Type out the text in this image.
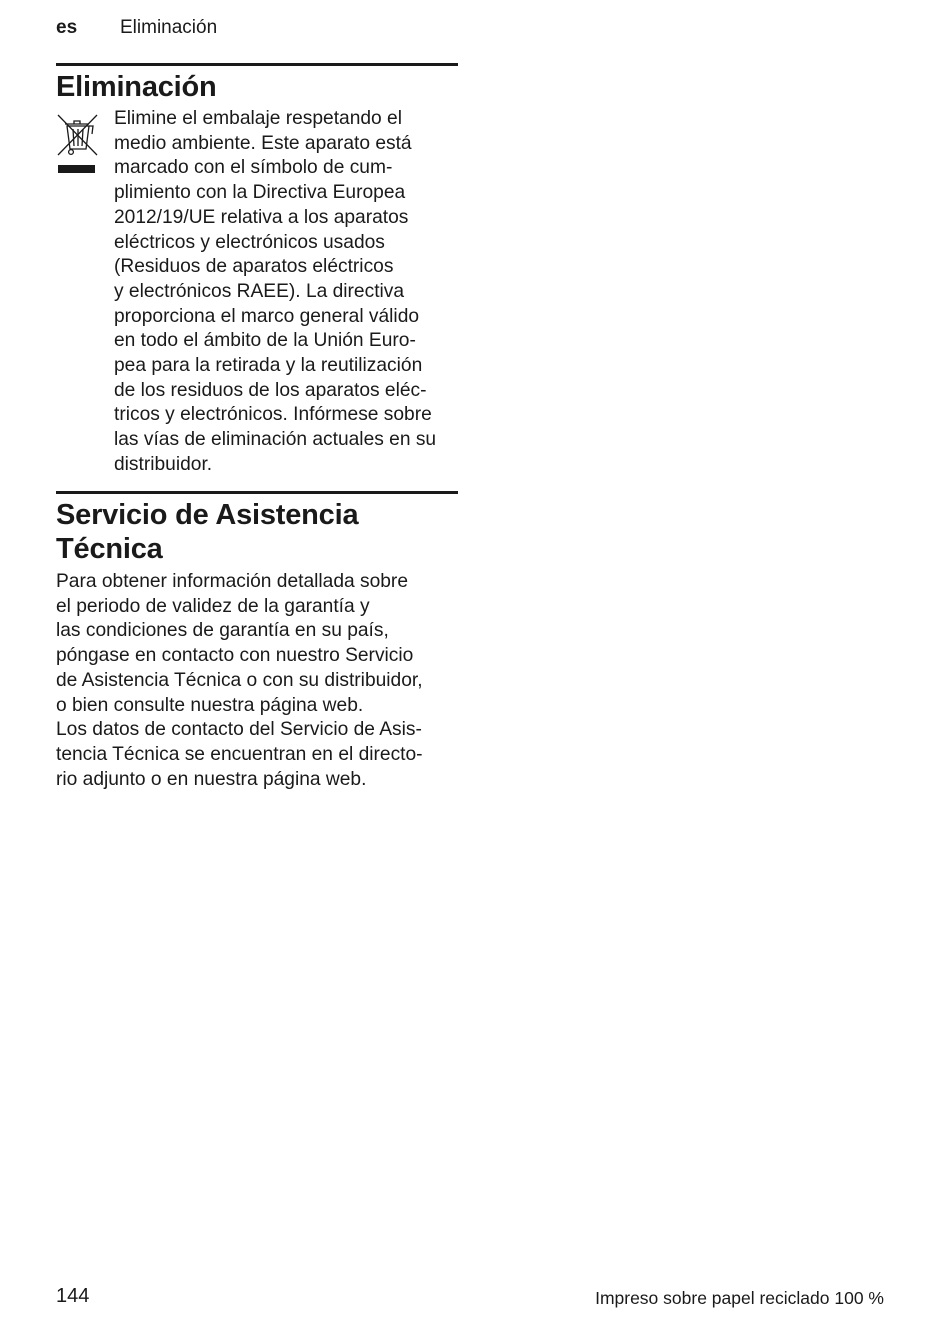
es Eliminación
Eliminación
Elimine el embalaje respetando el
medio ambiente. Este aparato está
marcado con el símbolo de cum-
plimiento con la Directiva Europea
2012/19/UE relativa a los aparatos
eléctricos y electrónicos usados
(Residuos de aparatos eléctricos
y electrónicos RAEE). La directiva
proporciona el marco general válido
en todo el ámbito de la Unión Euro-
pea para la retirada y la reutilización
de los residuos de los aparatos eléc-
tricos y electrónicos. Infórmese sobre
las vías de eliminación actuales en su
distribuidor.
Servicio de Asistencia
Técnica
Para obtener información detallada sobre
el periodo de validez de la garantía y
las condiciones de garantía en su país,
póngase en contacto con nuestro Servicio
de Asistencia Técnica o con su distribuidor,
o bien consulte nuestra página web.
Los datos de contacto del Servicio de Asis-
tencia Técnica se encuentran en el directo-
rio adjunto o en nuestra página web.
144	Impreso sobre papel reciclado 100 %
